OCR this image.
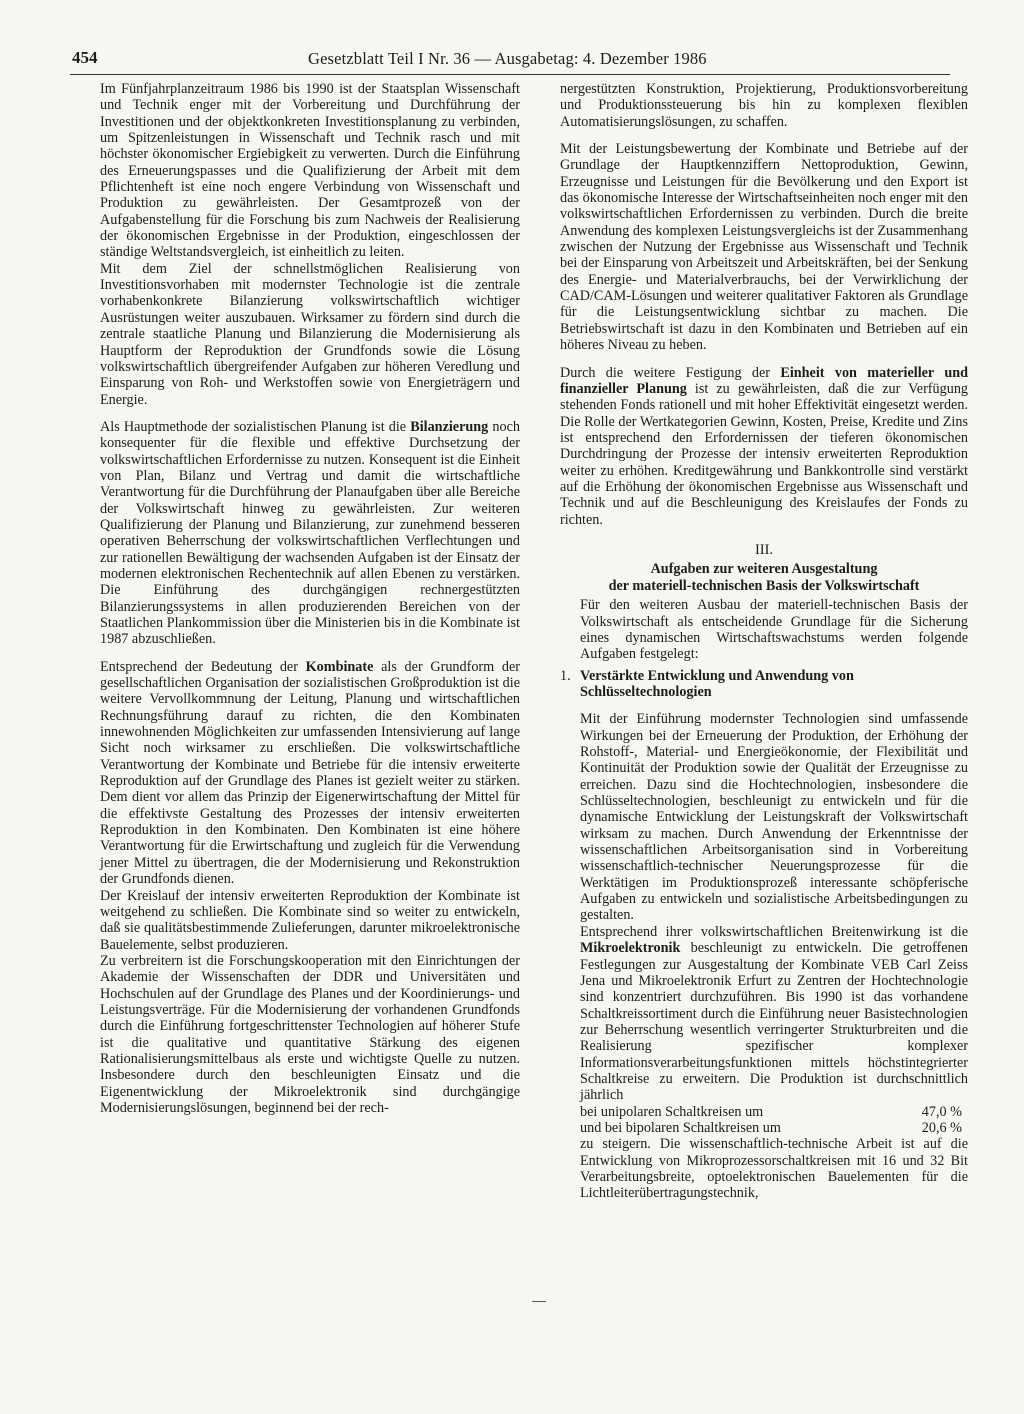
454	Gesetzblatt Teil I Nr. 36 — Ausgabetag: 4. Dezember 1986

Im Fünfjahrplanzeitraum 1986 bis 1990 ist der Staatsplan Wissenschaft und Technik enger mit der Vorbereitung und Durchführung der Investitionen und der objektkonkreten Investitionsplanung zu verbinden, um Spitzenleistungen in Wissenschaft und Technik rasch und mit höchster ökonomischer Ergiebigkeit zu verwerten. Durch die Einführung des Erneuerungspasses und die Qualifizierung der Arbeit mit dem Pflichtenheft ist eine noch engere Verbindung von Wissenschaft und Produktion zu gewährleisten. Der Gesamtprozeß von der Aufgabenstellung für die Forschung bis zum Nachweis der Realisierung der ökonomischen Ergebnisse in der Produktion, eingeschlossen der ständige Weltstandsvergleich, ist einheitlich zu leiten.

Mit dem Ziel der schnellstmöglichen Realisierung von Investitionsvorhaben mit modernster Technologie ist die zentrale vorhabenkonkrete Bilanzierung volkswirtschaftlich wichtiger Ausrüstungen weiter auszubauen. Wirksamer zu fördern sind durch die zentrale staatliche Planung und Bilanzierung die Modernisierung als Hauptform der Reproduktion der Grundfonds sowie die Lösung volkswirtschaftlich übergreifender Aufgaben zur höheren Veredlung und Einsparung von Roh- und Werkstoffen sowie von Energieträgern und Energie.

Als Hauptmethode der sozialistischen Planung ist die Bilanzierung noch konsequenter für die flexible und effektive Durchsetzung der volkswirtschaftlichen Erfordernisse zu nutzen. Konsequent ist die Einheit von Plan, Bilanz und Vertrag und damit die wirtschaftliche Verantwortung für die Durchführung der Planaufgaben über alle Bereiche der Volkswirtschaft hinweg zu gewährleisten. Zur weiteren Qualifizierung der Planung und Bilanzierung, zur zunehmend besseren operativen Beherrschung der volkswirtschaftlichen Verflechtungen und zur rationellen Bewältigung der wachsenden Aufgaben ist der Einsatz der modernen elektronischen Rechentechnik auf allen Ebenen zu verstärken. Die Einführung des durchgängigen rechnergestützten Bilanzierungssystems in allen produzierenden Bereichen von der Staatlichen Plankommission über die Ministerien bis in die Kombinate ist 1987 abzuschließen.

Entsprechend der Bedeutung der Kombinate als der Grundform der gesellschaftlichen Organisation der sozialistischen Großproduktion ist die weitere Vervollkommnung der Leitung, Planung und wirtschaftlichen Rechnungsführung darauf zu richten, die den Kombinaten innewohnenden Möglichkeiten zur umfassenden Intensivierung auf lange Sicht noch wirksamer zu erschließen. Die volkswirtschaftliche Verantwortung der Kombinate und Betriebe für die intensiv erweiterte Reproduktion auf der Grundlage des Planes ist gezielt weiter zu stärken. Dem dient vor allem das Prinzip der Eigenerwirtschaftung der Mittel für die effektivste Gestaltung des Prozesses der intensiv erweiterten Reproduktion in den Kombinaten. Den Kombinaten ist eine höhere Verantwortung für die Erwirtschaftung und zugleich für die Verwendung jener Mittel zu übertragen, die der Modernisierung und Rekonstruktion der Grundfonds dienen.

Der Kreislauf der intensiv erweiterten Reproduktion der Kombinate ist weitgehend zu schließen. Die Kombinate sind so weiter zu entwickeln, daß sie qualitätsbestimmende Zulieferungen, darunter mikroelektronische Bauelemente, selbst produzieren.

Zu verbreitern ist die Forschungskooperation mit den Einrichtungen der Akademie der Wissenschaften der DDR und Universitäten und Hochschulen auf der Grundlage des Planes und der Koordinierungs- und Leistungsverträge. Für die Modernisierung der vorhandenen Grundfonds durch die Einführung fortgeschrittenster Technologien auf höherer Stufe ist die qualitative und quantitative Stärkung des eigenen Rationalisierungsmittelbaus als erste und wichtigste Quelle zu nutzen. Insbesondere durch den beschleunigten Einsatz und die Eigenentwicklung der Mikroelektronik sind durchgängige Modernisierungslösungen, beginnend bei der rech-

nergestützten Konstruktion, Projektierung, Produktionsvorbereitung und Produktionssteuerung bis hin zu komplexen flexiblen Automatisierungslösungen, zu schaffen.

Mit der Leistungsbewertung der Kombinate und Betriebe auf der Grundlage der Hauptkennziffern Nettoproduktion, Gewinn, Erzeugnisse und Leistungen für die Bevölkerung und den Export ist das ökonomische Interesse der Wirtschaftseinheiten noch enger mit den volkswirtschaftlichen Erfordernissen zu verbinden. Durch die breite Anwendung des komplexen Leistungsvergleichs ist der Zusammenhang zwischen der Nutzung der Ergebnisse aus Wissenschaft und Technik bei der Einsparung von Arbeitszeit und Arbeitskräften, bei der Senkung des Energie- und Materialverbrauchs, bei der Verwirklichung der CAD/CAM-Lösungen und weiterer qualitativer Faktoren als Grundlage für die Leistungsentwicklung sichtbar zu machen. Die Betriebswirtschaft ist dazu in den Kombinaten und Betrieben auf ein höheres Niveau zu heben.

Durch die weitere Festigung der Einheit von materieller und finanzieller Planung ist zu gewährleisten, daß die zur Verfügung stehenden Fonds rationell und mit hoher Effektivität eingesetzt werden. Die Rolle der Wertkategorien Gewinn, Kosten, Preise, Kredite und Zins ist entsprechend den Erfordernissen der tieferen ökonomischen Durchdringung der Prozesse der intensiv erweiterten Reproduktion weiter zu erhöhen. Kreditgewährung und Bankkontrolle sind verstärkt auf die Erhöhung der ökonomischen Ergebnisse aus Wissenschaft und Technik und auf die Beschleunigung des Kreislaufes der Fonds zu richten.

III.
Aufgaben zur weiteren Ausgestaltung
der materiell-technischen Basis der Volkswirtschaft

Für den weiteren Ausbau der materiell-technischen Basis der Volkswirtschaft als entscheidende Grundlage für die Sicherung eines dynamischen Wirtschaftswachstums werden folgende Aufgaben festgelegt:

1. Verstärkte Entwicklung und Anwendung von Schlüsseltechnologien

Mit der Einführung modernster Technologien sind umfassende Wirkungen bei der Erneuerung der Produktion, der Erhöhung der Rohstoff-, Material- und Energieökonomie, der Flexibilität und Kontinuität der Produktion sowie der Qualität der Erzeugnisse zu erreichen. Dazu sind die Hochtechnologien, insbesondere die Schlüsseltechnologien, beschleunigt zu entwickeln und für die dynamische Entwicklung der Leistungskraft der Volkswirtschaft wirksam zu machen. Durch Anwendung der Erkenntnisse der wissenschaftlichen Arbeitsorganisation sind in Vorbereitung wissenschaftlich-technischer Neuerungsprozesse für die Werktätigen im Produktionsprozeß interessante schöpferische Aufgaben zu entwickeln und sozialistische Arbeitsbedingungen zu gestalten.

Entsprechend ihrer volkswirtschaftlichen Breitenwirkung ist die Mikroelektronik beschleunigt zu entwickeln. Die getroffenen Festlegungen zur Ausgestaltung der Kombinate VEB Carl Zeiss Jena und Mikroelektronik Erfurt zu Zentren der Hochtechnologie sind konzentriert durchzuführen. Bis 1990 ist das vorhandene Schaltkreissortiment durch die Einführung neuer Basistechnologien zur Beherrschung wesentlich verringerter Strukturbreiten und die Realisierung spezifischer komplexer Informationsverarbeitungsfunktionen mittels höchstintegrierter Schaltkreise zu erweitern. Die Produktion ist durchschnittlich jährlich

bei unipolaren Schaltkreisen um	47,0 %
und bei bipolaren Schaltkreisen um	20,6 %

zu steigern. Die wissenschaftlich-technische Arbeit ist auf die Entwicklung von Mikroprozessorschaltkreisen mit 16 und 32 Bit Verarbeitungsbreite, optoelektronischen Bauelementen für die Lichtleiterübertragungstechnik,
